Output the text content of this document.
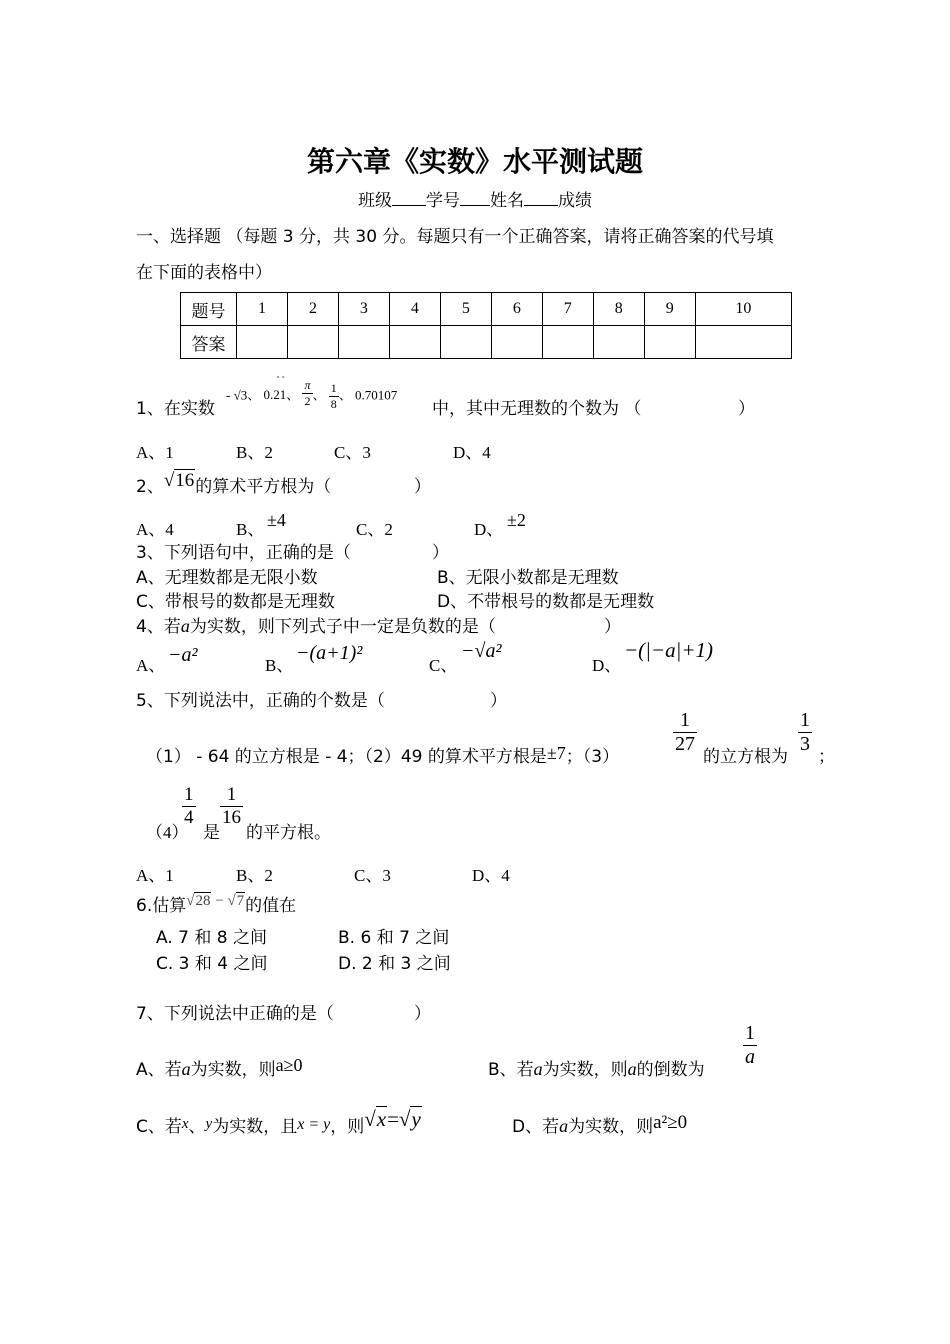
第六章《实数》水平测试题
班级 学号 姓名 成绩
一、选择题 （每题 3 分，共 30 分。每题只有一个正确答案，请将正确答案的代号填
在下面的表格中）
题号	1	2	3	4	5	6	7	8	9	10
答案										
1、在实数
- √3、
˚ ˚
0.21、 $\frac{\pi}{2}$ 、 $\frac{1}{8}$ 、 0.70107
中，其中无理数的个数为 （	）
A、1	B、2	C、3	D、4
2、√16的算术平方根为（	）
A、4	B、 ±4	C、2	D、 ±2
3、下列语句中，正确的是（	）
A、无理数都是无限小数	B、无限小数都是无理数
C、带根号的数都是无理数	D、不带根号的数都是无理数
4、若a为实数，则下列式子中一定是负数的是（	）
A、 −a²	B、
−(a+1)²
C、
−√a²
D、
−(|−a|+1)
5、下列说法中，正确的个数是（	）
（1） - 64 的立方根是 - 4；（2）49 的算术平方根是±7；（3）
$\frac{1}{27}$
的立方根为
$\frac{1}{3}$
；
（4）
$\frac{1}{4}$
是
$\frac{1}{16}$
的平方根。
A、1	B、2	C、3	D、4
6.估算√28 − √7的值在
A. 7 和 8 之间	B. 6 和 7 之间
C. 3 和 4 之间	D. 2 和 3 之间
7、下列说法中正确的是（	）
A、若a为实数，则a≥0	B、若a为实数，则a的倒数为
$\frac{1}{a}$
C、若x、y为实数，且x = y，则√x=√y	D、若a为实数，则a²≥0
